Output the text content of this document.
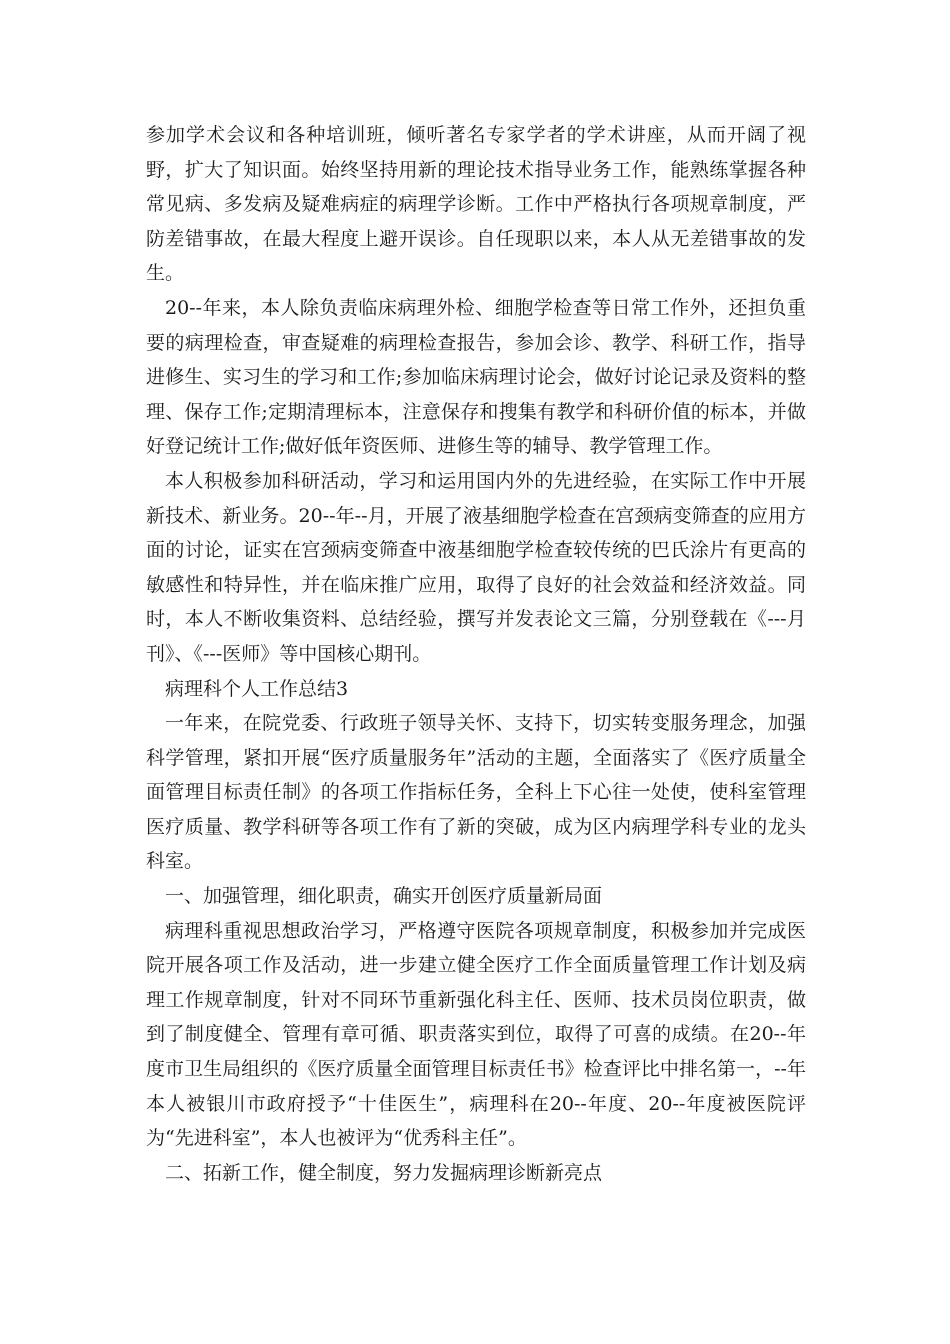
参加学术会议和各种培训班，倾听著名专家学者的学术讲座，从而开阔了视野，扩大了知识面。始终坚持用新的理论技术指导业务工作，能熟练掌握各种常见病、多发病及疑难病症的病理学诊断。工作中严格执行各项规章制度，严防差错事故，在最大程度上避开误诊。自任现职以来，本人从无差错事故的发生。

20--年来，本人除负责临床病理外检、细胞学检查等日常工作外，还担负重要的病理检查，审查疑难的病理检查报告，参加会诊、教学、科研工作，指导进修生、实习生的学习和工作;参加临床病理讨论会，做好讨论记录及资料的整理、保存工作;定期清理标本，注意保存和搜集有教学和科研价值的标本，并做好登记统计工作;做好低年资医师、进修生等的辅导、教学管理工作。

本人积极参加科研活动，学习和运用国内外的先进经验，在实际工作中开展新技术、新业务。20--年--月，开展了液基细胞学检查在宫颈病变筛查的应用方面的讨论，证实在宫颈病变筛查中液基细胞学检查较传统的巴氏涂片有更高的敏感性和特异性，并在临床推广应用，取得了良好的社会效益和经济效益。同时，本人不断收集资料、总结经验，撰写并发表论文三篇，分别登载在《---月刊》、《---医师》等中国核心期刊。

病理科个人工作总结3

一年来，在院党委、行政班子领导关怀、支持下，切实转变服务理念，加强科学管理，紧扣开展“医疗质量服务年”活动的主题，全面落实了《医疗质量全面管理目标责任制》的各项工作指标任务，全科上下心往一处使，使科室管理医疗质量、教学科研等各项工作有了新的突破，成为区内病理学科专业的龙头科室。

一、加强管理，细化职责，确实开创医疗质量新局面

病理科重视思想政治学习，严格遵守医院各项规章制度，积极参加并完成医院开展各项工作及活动，进一步建立健全医疗工作全面质量管理工作计划及病理工作规章制度，针对不同环节重新强化科主任、医师、技术员岗位职责，做到了制度健全、管理有章可循、职责落实到位，取得了可喜的成绩。在20--年度市卫生局组织的《医疗质量全面管理目标责任书》检查评比中排名第一，--年本人被银川市政府授予“十佳医生”，病理科在20--年度、20--年度被医院评为“先进科室”，本人也被评为“优秀科主任”。

二、拓新工作，健全制度，努力发掘病理诊断新亮点
